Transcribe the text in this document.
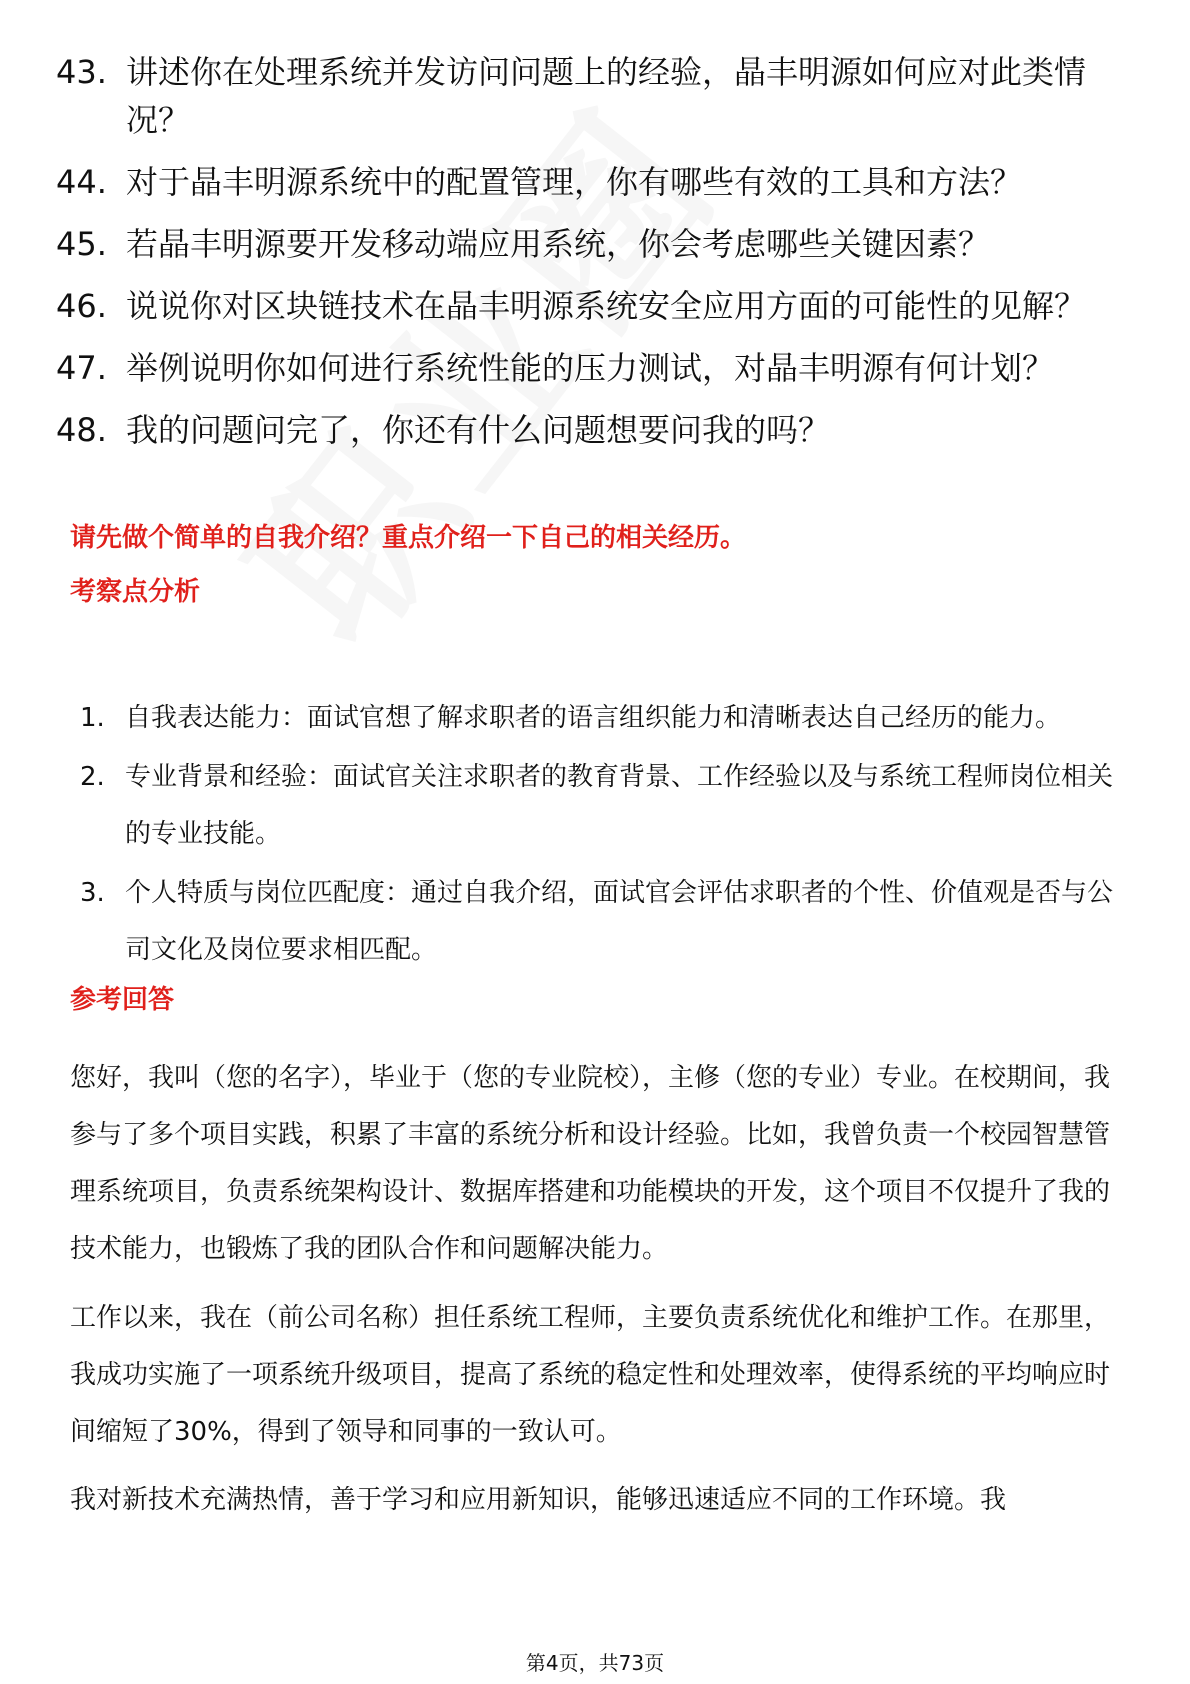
43. 讲述你在处理系统并发访问问题上的经验，晶丰明源如何应对此类情况？
44. 对于晶丰明源系统中的配置管理，你有哪些有效的工具和方法？
45. 若晶丰明源要开发移动端应用系统，你会考虑哪些关键因素？
46. 说说你对区块链技术在晶丰明源系统安全应用方面的可能性的见解？
47. 举例说明你如何进行系统性能的压力测试，对晶丰明源有何计划？
48. 我的问题问完了，你还有什么问题想要问我的吗？
请先做个简单的自我介绍？重点介绍一下自己的相关经历。
考察点分析
1. 自我表达能力：面试官想了解求职者的语言组织能力和清晰表达自己经历的能力。
2. 专业背景和经验：面试官关注求职者的教育背景、工作经验以及与系统工程师岗位相关的专业技能。
3. 个人特质与岗位匹配度：通过自我介绍，面试官会评估求职者的个性、价值观是否与公司文化及岗位要求相匹配。
参考回答

您好，我叫（您的名字），毕业于（您的专业院校），主修（您的专业）专业。在校期间，我参与了多个项目实践，积累了丰富的系统分析和设计经验。比如，我曾负责一个校园智慧管理系统项目，负责系统架构设计、数据库搭建和功能模块的开发，这个项目不仅提升了我的技术能力，也锻炼了我的团队合作和问题解决能力。

工作以来，我在（前公司名称）担任系统工程师，主要负责系统优化和维护工作。在那里，我成功实施了一项系统升级项目，提高了系统的稳定性和处理效率，使得系统的平均响应时间缩短了30%，得到了领导和同事的一致认可。

我对新技术充满热情，善于学习和应用新知识，能够迅速适应不同的工作环境。我

第4页，共73页
